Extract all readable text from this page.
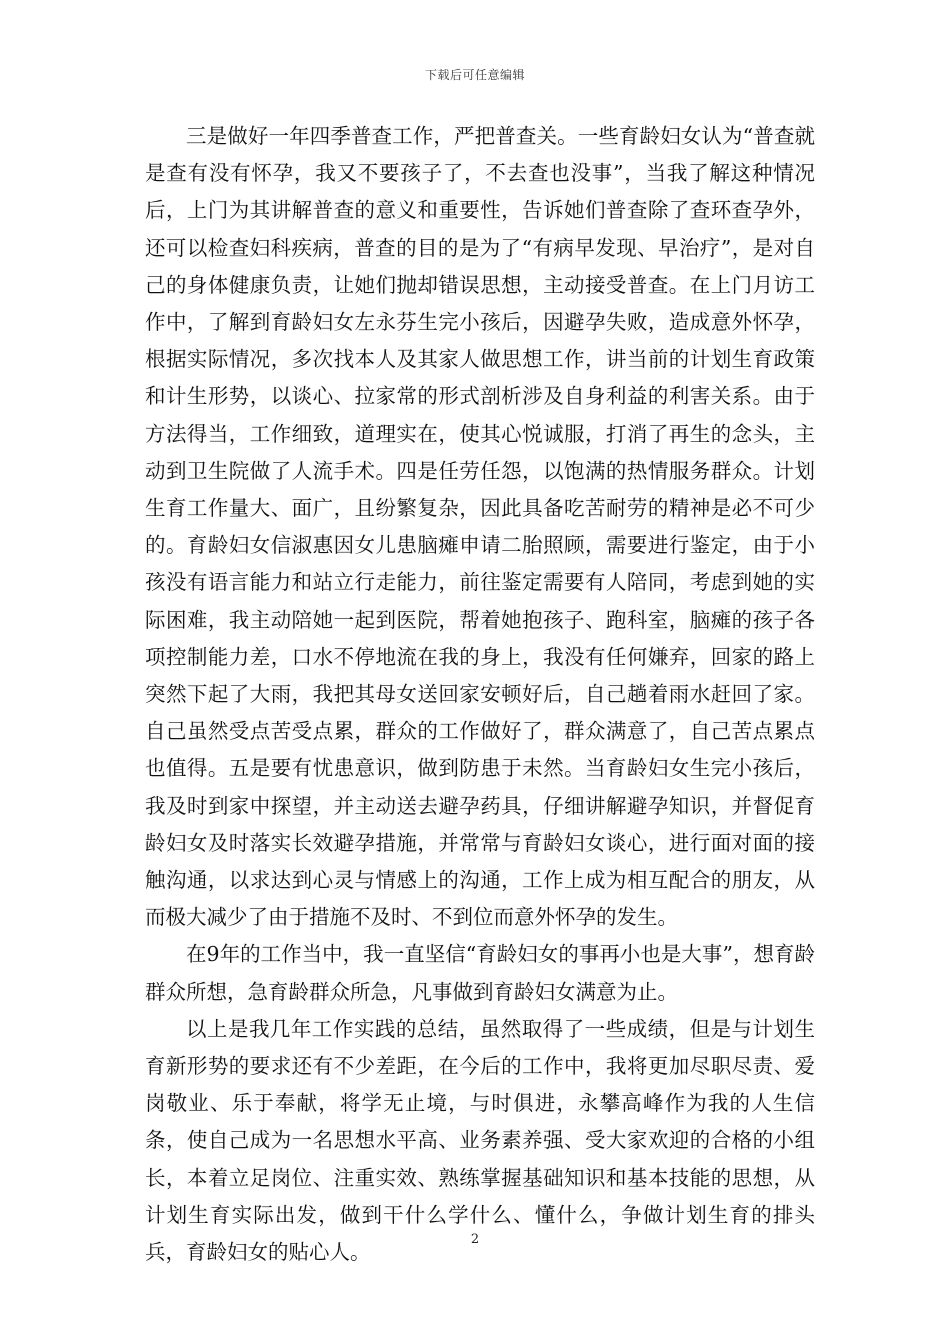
下载后可任意编辑

三是做好一年四季普查工作，严把普查关。一些育龄妇女认为“普查就是查有没有怀孕，我又不要孩子了，不去查也没事”，当我了解这种情况后，上门为其讲解普查的意义和重要性，告诉她们普查除了查环查孕外，还可以检查妇科疾病，普查的目的是为了“有病早发现、早治疗”，是对自己的身体健康负责，让她们抛却错误思想，主动接受普查。在上门月访工作中，了解到育龄妇女左永芬生完小孩后，因避孕失败，造成意外怀孕，根据实际情况，多次找本人及其家人做思想工作，讲当前的计划生育政策和计生形势，以谈心、拉家常的形式剖析涉及自身利益的利害关系。由于方法得当，工作细致，道理实在，使其心悦诚服，打消了再生的念头，主动到卫生院做了人流手术。四是任劳任怨，以饱满的热情服务群众。计划生育工作量大、面广，且纷繁复杂，因此具备吃苦耐劳的精神是必不可少的。育龄妇女信淑惠因女儿患脑瘫申请二胎照顾，需要进行鉴定，由于小孩没有语言能力和站立行走能力，前往鉴定需要有人陪同，考虑到她的实际困难，我主动陪她一起到医院，帮着她抱孩子、跑科室，脑瘫的孩子各项控制能力差，口水不停地流在我的身上，我没有任何嫌弃，回家的路上突然下起了大雨，我把其母女送回家安顿好后，自己趟着雨水赶回了家。自己虽然受点苦受点累，群众的工作做好了，群众满意了，自己苦点累点也值得。五是要有忧患意识，做到防患于未然。当育龄妇女生完小孩后，我及时到家中探望，并主动送去避孕药具，仔细讲解避孕知识，并督促育龄妇女及时落实长效避孕措施，并常常与育龄妇女谈心，进行面对面的接触沟通，以求达到心灵与情感上的沟通，工作上成为相互配合的朋友，从而极大减少了由于措施不及时、不到位而意外怀孕的发生。

在9年的工作当中，我一直坚信“育龄妇女的事再小也是大事”，想育龄群众所想，急育龄群众所急，凡事做到育龄妇女满意为止。

以上是我几年工作实践的总结，虽然取得了一些成绩，但是与计划生育新形势的要求还有不少差距，在今后的工作中，我将更加尽职尽责、爱岗敬业、乐于奉献，将学无止境，与时俱进，永攀高峰作为我的人生信条，使自己成为一名思想水平高、业务素养强、受大家欢迎的合格的小组长，本着立足岗位、注重实效、熟练掌握基础知识和基本技能的思想，从计划生育实际出发，做到干什么学什么、懂什么，争做计划生育的排头兵，育龄妇女的贴心人。

2
